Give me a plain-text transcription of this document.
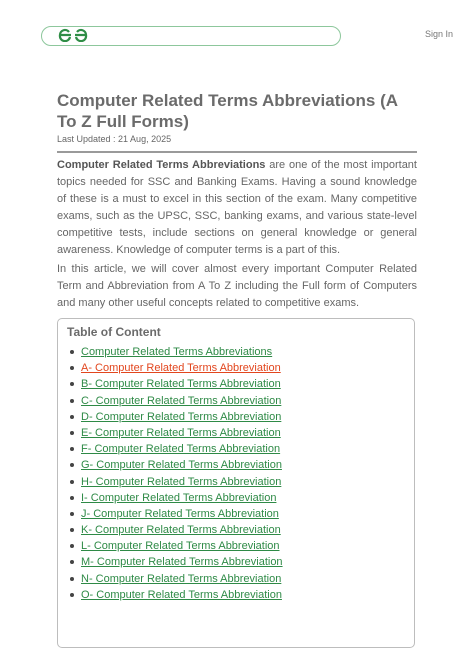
Sign In
Computer Related Terms Abbreviations (A To Z Full Forms)
Last Updated : 21 Aug, 2025
Computer Related Terms Abbreviations are one of the most important topics needed for SSC and Banking Exams. Having a sound knowledge of these is a must to excel in this section of the exam. Many competitive exams, such as the UPSC, SSC, banking exams, and various state-level competitive tests, include sections on general knowledge or general awareness. Knowledge of computer terms is a part of this.
In this article, we will cover almost every important Computer Related Term and Abbreviation from A To Z including the Full form of Computers and many other useful concepts related to competitive exams.
Table of Content
Computer Related Terms Abbreviations
A- Computer Related Terms Abbreviation
B- Computer Related Terms Abbreviation
C- Computer Related Terms Abbreviation
D- Computer Related Terms Abbreviation
E- Computer Related Terms Abbreviation
F- Computer Related Terms Abbreviation
G- Computer Related Terms Abbreviation
H- Computer Related Terms Abbreviation
I- Computer Related Terms Abbreviation
J- Computer Related Terms Abbreviation
K- Computer Related Terms Abbreviation
L- Computer Related Terms Abbreviation
M- Computer Related Terms Abbreviation
N- Computer Related Terms Abbreviation
O- Computer Related Terms Abbreviation
